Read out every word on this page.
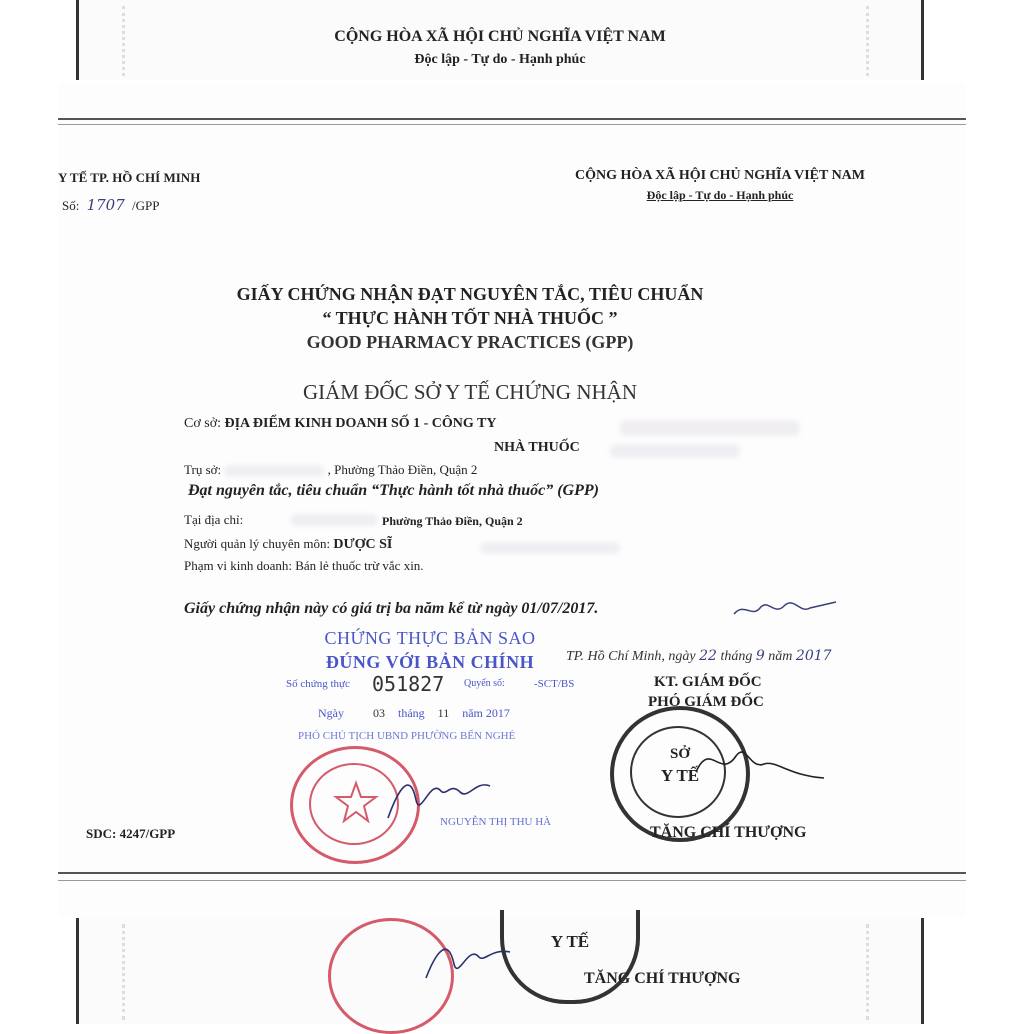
CỘNG HÒA XÃ HỘI CHỦ NGHĨA VIỆT NAM
Độc lập - Tự do - Hạnh phúc
Y TẾ TP. HỒ CHÍ MINH
Số: 1707 /GPP
CỘNG HÒA XÃ HỘI CHỦ NGHĨA VIỆT NAM
Độc lập - Tự do - Hạnh phúc
GIẤY CHỨNG NHẬN ĐẠT NGUYÊN TẮC, TIÊU CHUẨN
“ THỰC HÀNH TỐT NHÀ THUỐC ”
GOOD PHARMACY PRACTICES (GPP)
GIÁM ĐỐC SỞ Y TẾ CHỨNG NHẬN
Cơ sở: ĐỊA ĐIỂM KINH DOANH SỐ 1 - CÔNG TY
NHÀ THUỐC
Trụ sở:	, Phường Thảo Điền, Quận 2
Đạt nguyên tắc, tiêu chuẩn “Thực hành tốt nhà thuốc” (GPP)
Tại địa chỉ:	Phường Thảo Điền, Quận 2
Người quản lý chuyên môn: DƯỢC SĨ
Phạm vi kinh doanh: Bán lẻ thuốc trừ vắc xin.
Giấy chứng nhận này có giá trị ba năm kể từ ngày 01/07/2017.
CHỨNG THỰC BẢN SAO
ĐÚNG VỚI BẢN CHÍNH
Số chứng thực 051827 Quyển số:	-SCT/BS
Ngày 03 tháng 11 năm 2017
PHÓ CHỦ TỊCH UBND PHƯỜNG BẾN NGHÉ
NGUYỄN THỊ THU HÀ
TP. Hồ Chí Minh, ngày 22 tháng 9 năm 2017
KT. GIÁM ĐỐC
PHÓ GIÁM ĐỐC
SỞ
Y TẾ
TĂNG CHÍ THƯỢNG
SDC: 4247/GPP
Y TẾ
TĂNG CHÍ THƯỢNG
